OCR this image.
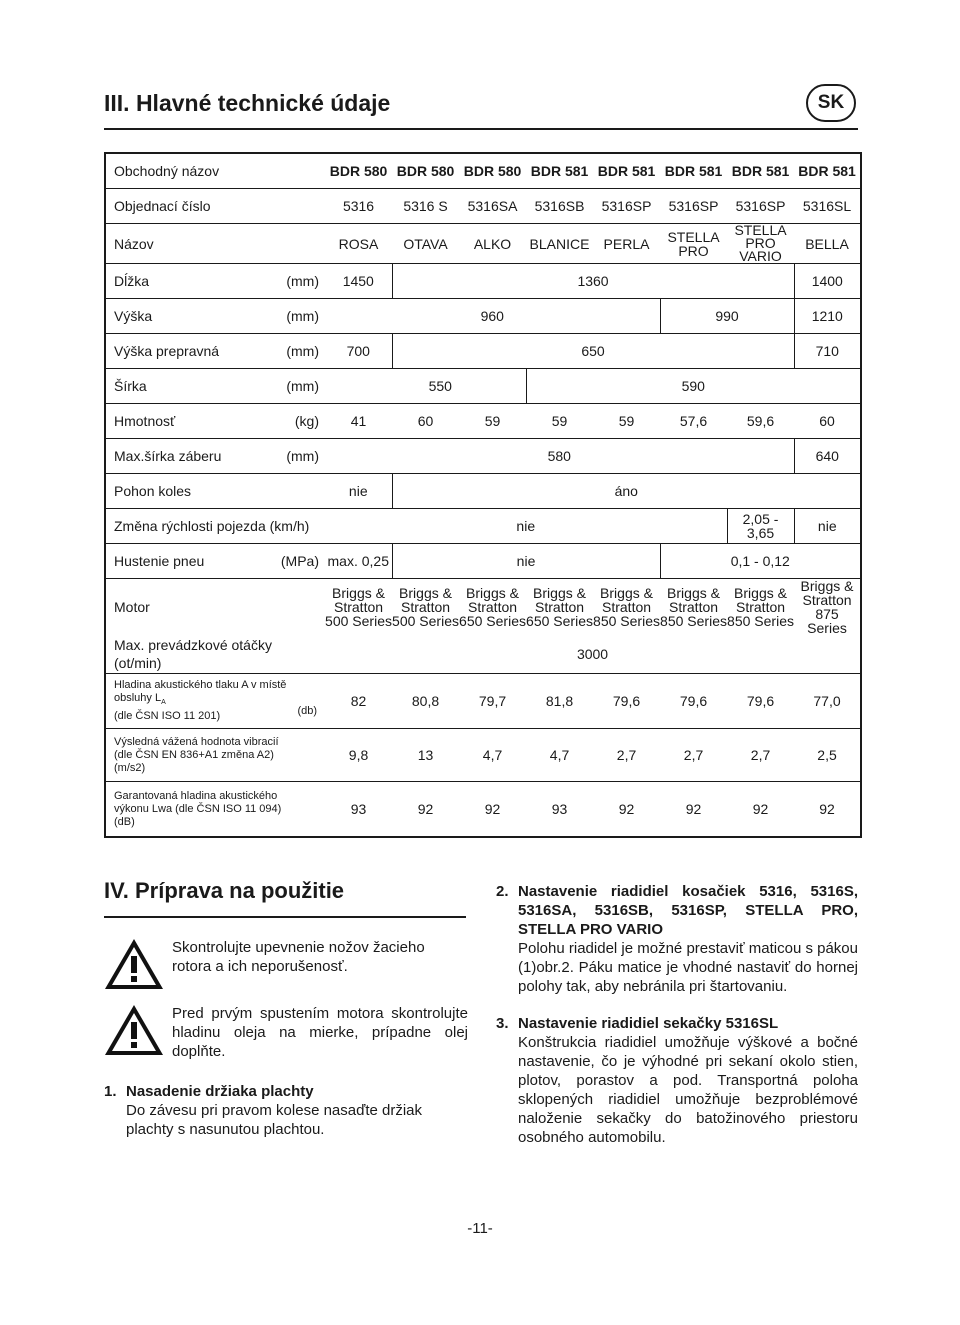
III. Hlavné technické údaje	SK
Obchodný názov		BDR 580	BDR 580	BDR 580	BDR 581	BDR 581	BDR 581	BDR 581	BDR 581
Objednací číslo		5316	5316 S	5316SA	5316SB	5316SP	5316SP	5316SP	5316SL
Názov		ROSA	OTAVA	ALKO	BLANICE	PERLA	STELLA PRO	STELLA PRO VARIO	BELLA
Dĺžka	(mm)	1450	1360						1400
Výška	(mm)	960					990		1210
Výška prepravná	(mm)	700	650						710
Šírka	(mm)	550			590				
Hmotnosť	(kg)	41	60	59	59	59	57,6	59,6	60
Max.šírka záberu	(mm)	580							640
Pohon koles		nie	áno						
Změna rýchlosti pojezda (km/h)		nie						2,05 - 3,65	nie
Hustenie pneu	(MPa)	max. 0,25	nie				0,1 - 0,12		
Motor		Briggs &
Stratton
500 Series	Briggs &
Stratton
500 Series	Briggs &
Stratton
650 Series	Briggs &
Stratton
650 Series	Briggs &
Stratton
850 Series	Briggs &
Stratton
850 Series	Briggs &
Stratton
850 Series	Briggs &
Stratton
875 Series
Max. prevádzkové otáčky
(ot/min)		3000							
Hladina akustického tlaku A v místě
obsluhy $L_A$
(dle ČSN ISO 11 201) (db)		82	80,8	79,7	81,8	79,6	79,6	79,6	77,0
Výsledná vážená hodnota vibracií
(dle ČSN EN 836+A1 změna A2)
(m/s2)		9,8	13	4,7	4,7	2,7	2,7	2,7	2,5
Garantovaná hladina akustického
výkonu Lwa (dle ČSN ISO 11 094)
(dB)		93	92	92	93	92	92	92	92
IV. Príprava na použitie
Skontrolujte upevnenie nožov žacieho rotora a ich neporušenosť.
Pred prvým spustením motora skontrolujte hladinu oleja na mierke, prípadne olej doplňte.
1. Nasadenie držiaka plachty
Do závesu pri pravom kolese nasaďte držiak plachty s nasunutou plachtou.
2. Nastavenie riadidiel kosačiek 5316, 5316S, 5316SA, 5316SB, 5316SP, STELLA PRO, STELLA PRO VARIO
Polohu riadidel je možné prestaviť maticou s pákou (1)obr.2. Páku matice je vhodné nastaviť do hornej polohy tak, aby nebránila pri štartovaniu.
3. Nastavenie riadidiel sekačky 5316SL
Konštrukcia riadidiel umožňuje výškové a bočné nastavenie, čo je výhodné pri sekaní okolo stien, plotov, porastov a pod. Transportná poloha sklopených riadidiel umožňuje bezproblémové naloženie sekačky do batožinového priestoru osobného automobilu.
-11-
